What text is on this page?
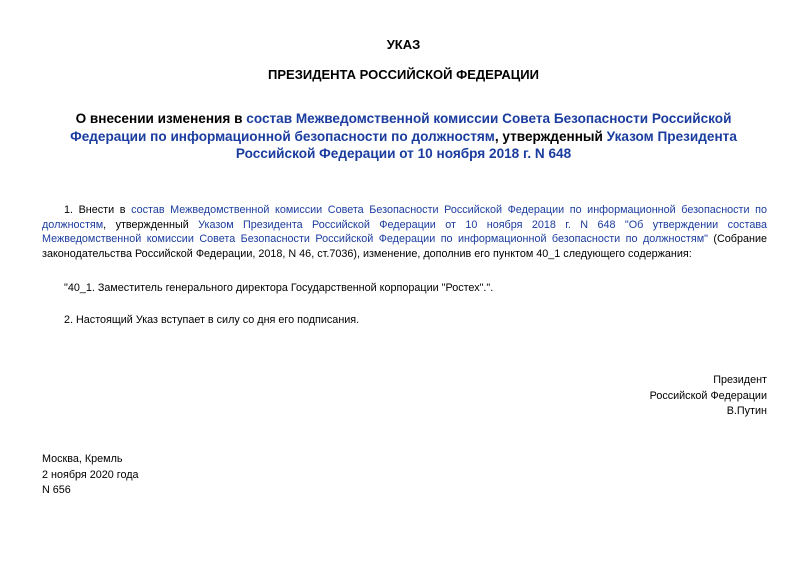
УКАЗ
ПРЕЗИДЕНТА РОССИЙСКОЙ ФЕДЕРАЦИИ
О внесении изменения в состав Межведомственной комиссии Совета Безопасности Российской Федерации по информационной безопасности по должностям, утвержденный Указом Президента Российской Федерации от 10 ноября 2018 г. N 648
1. Внести в состав Межведомственной комиссии Совета Безопасности Российской Федерации по информационной безопасности по должностям, утвержденный Указом Президента Российской Федерации от 10 ноября 2018 г. N 648 "Об утверждении состава Межведомственной комиссии Совета Безопасности Российской Федерации по информационной безопасности по должностям" (Собрание законодательства Российской Федерации, 2018, N 46, ст.7036), изменение, дополнив его пунктом 40_1 следующего содержания:
"40_1. Заместитель генерального директора Государственной корпорации "Ростех".".
2. Настоящий Указ вступает в силу со дня его подписания.
Президент
Российской Федерации
В.Путин
Москва, Кремль
2 ноября 2020 года
N 656
